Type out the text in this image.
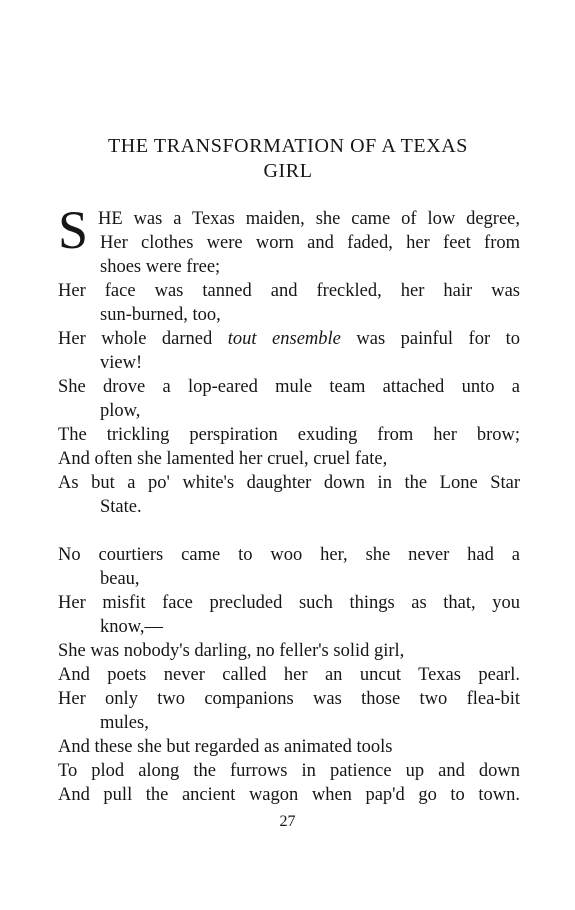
THE TRANSFORMATION OF A TEXAS
GIRL
S HE was a Texas maiden, she came of low degree,
Her clothes were worn and faded, her feet from
shoes were free;
Her face was tanned and freckled, her hair was
sun-burned, too,
Her whole darned tout ensemble was painful for to
view!
She drove a lop-eared mule team attached unto a
plow,
The trickling perspiration exuding from her brow;
And often she lamented her cruel, cruel fate,
As but a po' white's daughter down in the Lone Star
State.
No courtiers came to woo her, she never had a
beau,
Her misfit face precluded such things as that, you
know,—
She was nobody's darling, no feller's solid girl,
And poets never called her an uncut Texas pearl.
Her only two companions was those two flea-bit
mules,
And these she but regarded as animated tools
To plod along the furrows in patience up and down
And pull the ancient wagon when pap'd go to town.
27
